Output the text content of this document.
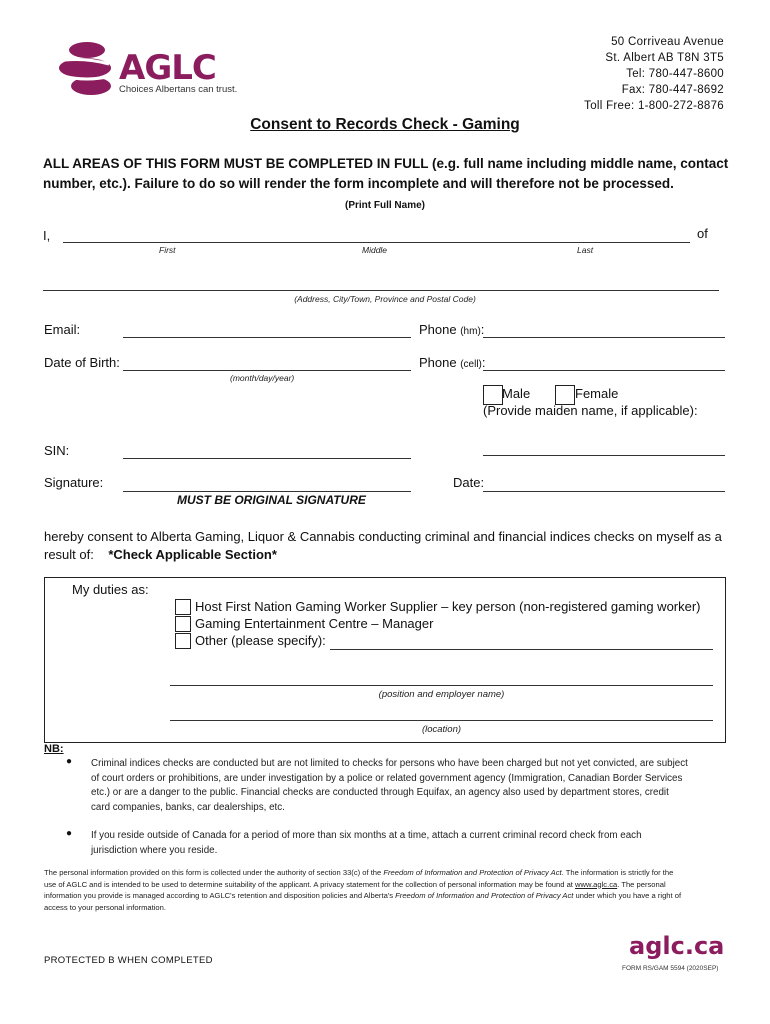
AGLC
Choices Albertans can trust.
50 Corriveau Avenue
St. Albert AB T8N 3T5
Tel: 780-447-8600
Fax: 780-447-8692
Toll Free: 1-800-272-8876
Consent to Records Check - Gaming
ALL AREAS OF THIS FORM MUST BE COMPLETED IN FULL (e.g. full name including middle name, contact
number, etc.). Failure to do so will render the form incomplete and will therefore not be processed.
(Print Full Name)
I,	of
First	Middle	Last
(Address, City/Town, Province and Postal Code)
Email:	Phone (hm):
Date of Birth:	Phone (cell):
(month/day/year)
Male	Female
(Provide maiden name, if applicable):
SIN:
Signature:	Date:
MUST BE ORIGINAL SIGNATURE
hereby consent to Alberta Gaming, Liquor & Cannabis conducting criminal and financial indices checks on myself as a
result of: *Check Applicable Section*
My duties as:
Host First Nation Gaming Worker Supplier – key person (non-registered gaming worker)
Gaming Entertainment Centre – Manager
Other (please specify):
(position and employer name)
(location)
NB:
● Criminal indices checks are conducted but are not limited to checks for persons who have been charged but not yet convicted, are subject
of court orders or prohibitions, are under investigation by a police or related government agency (Immigration, Canadian Border Services
etc.) or are a danger to the public. Financial checks are conducted through Equifax, an agency also used by department stores, credit
card companies, banks, car dealerships, etc.
● If you reside outside of Canada for a period of more than six months at a time, attach a current criminal record check from each
jurisdiction where you reside.
The personal information provided on this form is collected under the authority of section 33(c) of the Freedom of Information and Protection of Privacy Act. The information is strictly for the
use of AGLC and is intended to be used to determine suitability of the applicant. A privacy statement for the collection of personal information may be found at www.aglc.ca. The personal
information you provide is managed according to AGLC's retention and disposition policies and Alberta's Freedom of Information and Protection of Privacy Act under which you have a right of
access to your personal information.
PROTECTED B WHEN COMPLETED
aglc.ca
FORM RS/GAM 5594 (2020SEP)
